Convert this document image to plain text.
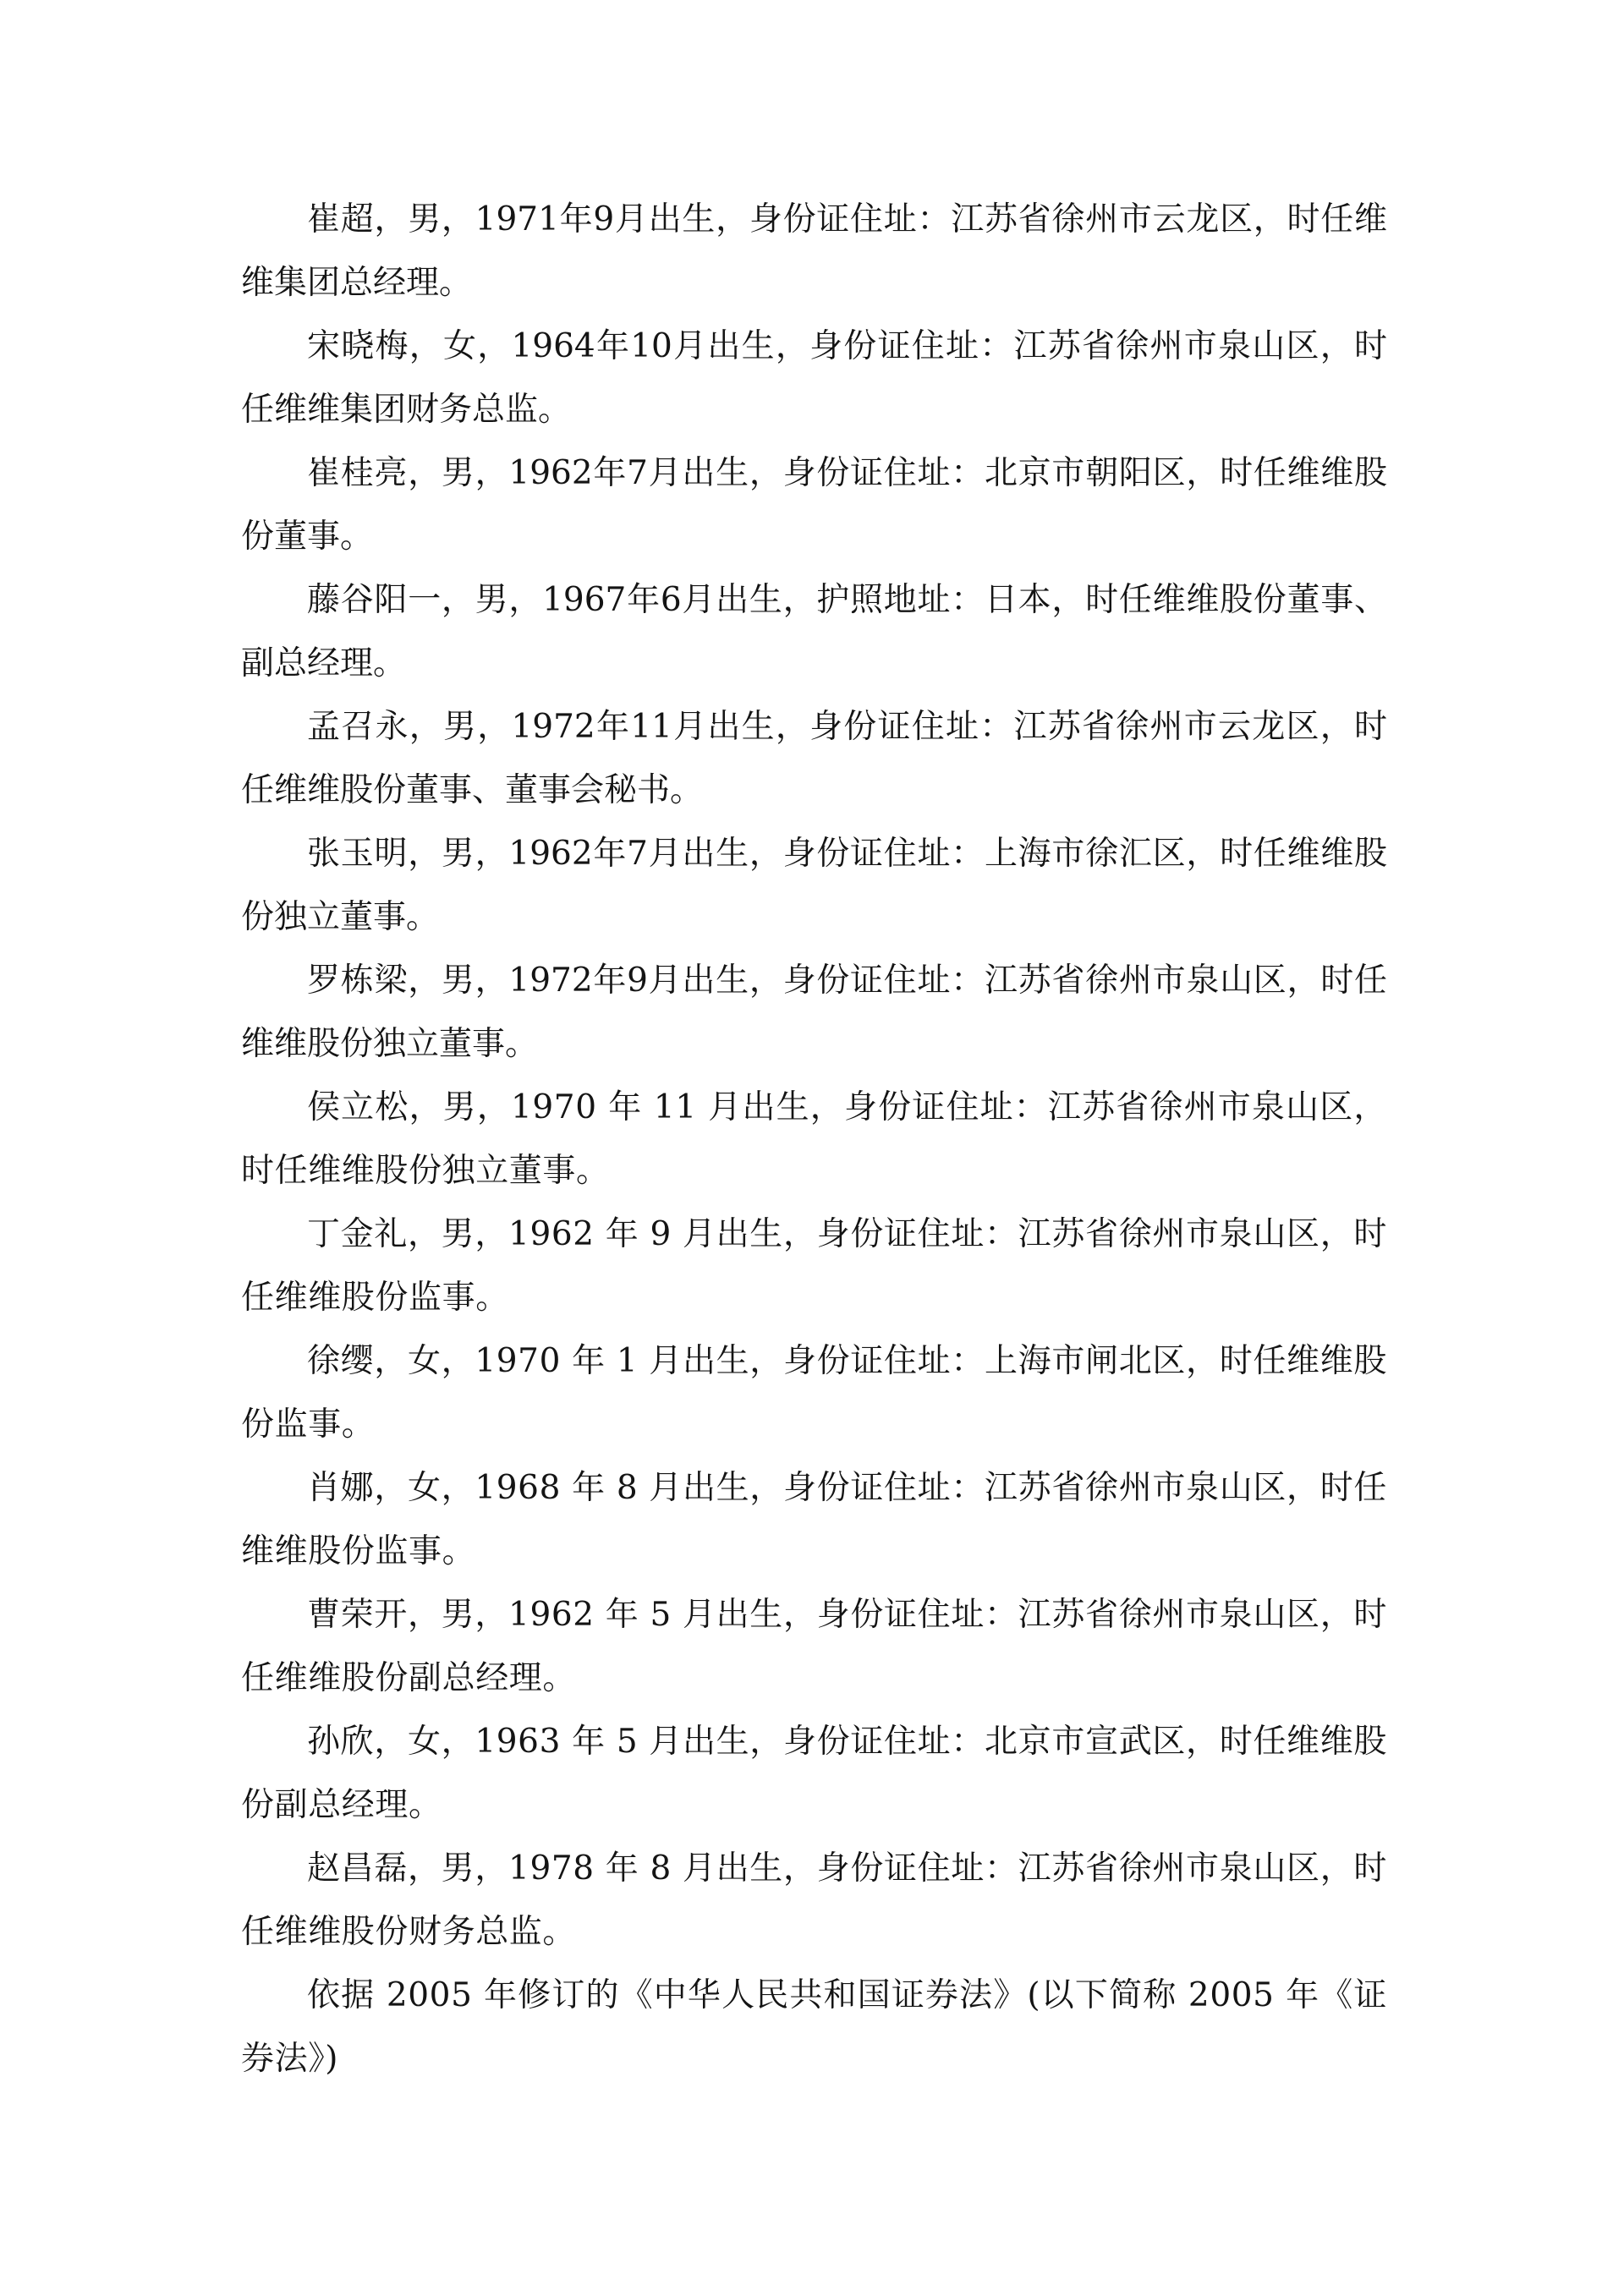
崔超，男，1971年9月出生，身份证住址：江苏省徐州市云龙区，时任维维集团总经理。

宋晓梅，女，1964年10月出生，身份证住址：江苏省徐州市泉山区，时任维维集团财务总监。

崔桂亮，男，1962年7月出生，身份证住址：北京市朝阳区，时任维维股份董事。

藤谷阳一，男，1967年6月出生，护照地址：日本，时任维维股份董事、副总经理。

孟召永，男，1972年11月出生，身份证住址：江苏省徐州市云龙区，时任维维股份董事、董事会秘书。

张玉明，男，1962年7月出生，身份证住址：上海市徐汇区，时任维维股份独立董事。

罗栋梁，男，1972年9月出生，身份证住址：江苏省徐州市泉山区，时任维维股份独立董事。

侯立松，男，1970 年 11 月出生，身份证住址：江苏省徐州市泉山区，时任维维股份独立董事。

丁金礼，男，1962 年 9 月出生，身份证住址：江苏省徐州市泉山区，时任维维股份监事。

徐缨，女，1970 年 1 月出生，身份证住址：上海市闸北区，时任维维股份监事。

肖娜，女，1968 年 8 月出生，身份证住址：江苏省徐州市泉山区，时任维维股份监事。

曹荣开，男，1962 年 5 月出生，身份证住址：江苏省徐州市泉山区，时任维维股份副总经理。

孙欣，女，1963 年 5 月出生，身份证住址：北京市宣武区，时任维维股份副总经理。

赵昌磊，男，1978 年 8 月出生，身份证住址：江苏省徐州市泉山区，时任维维股份财务总监。

依据 2005 年修订的《中华人民共和国证券法》(以下简称 2005 年《证券法》)
